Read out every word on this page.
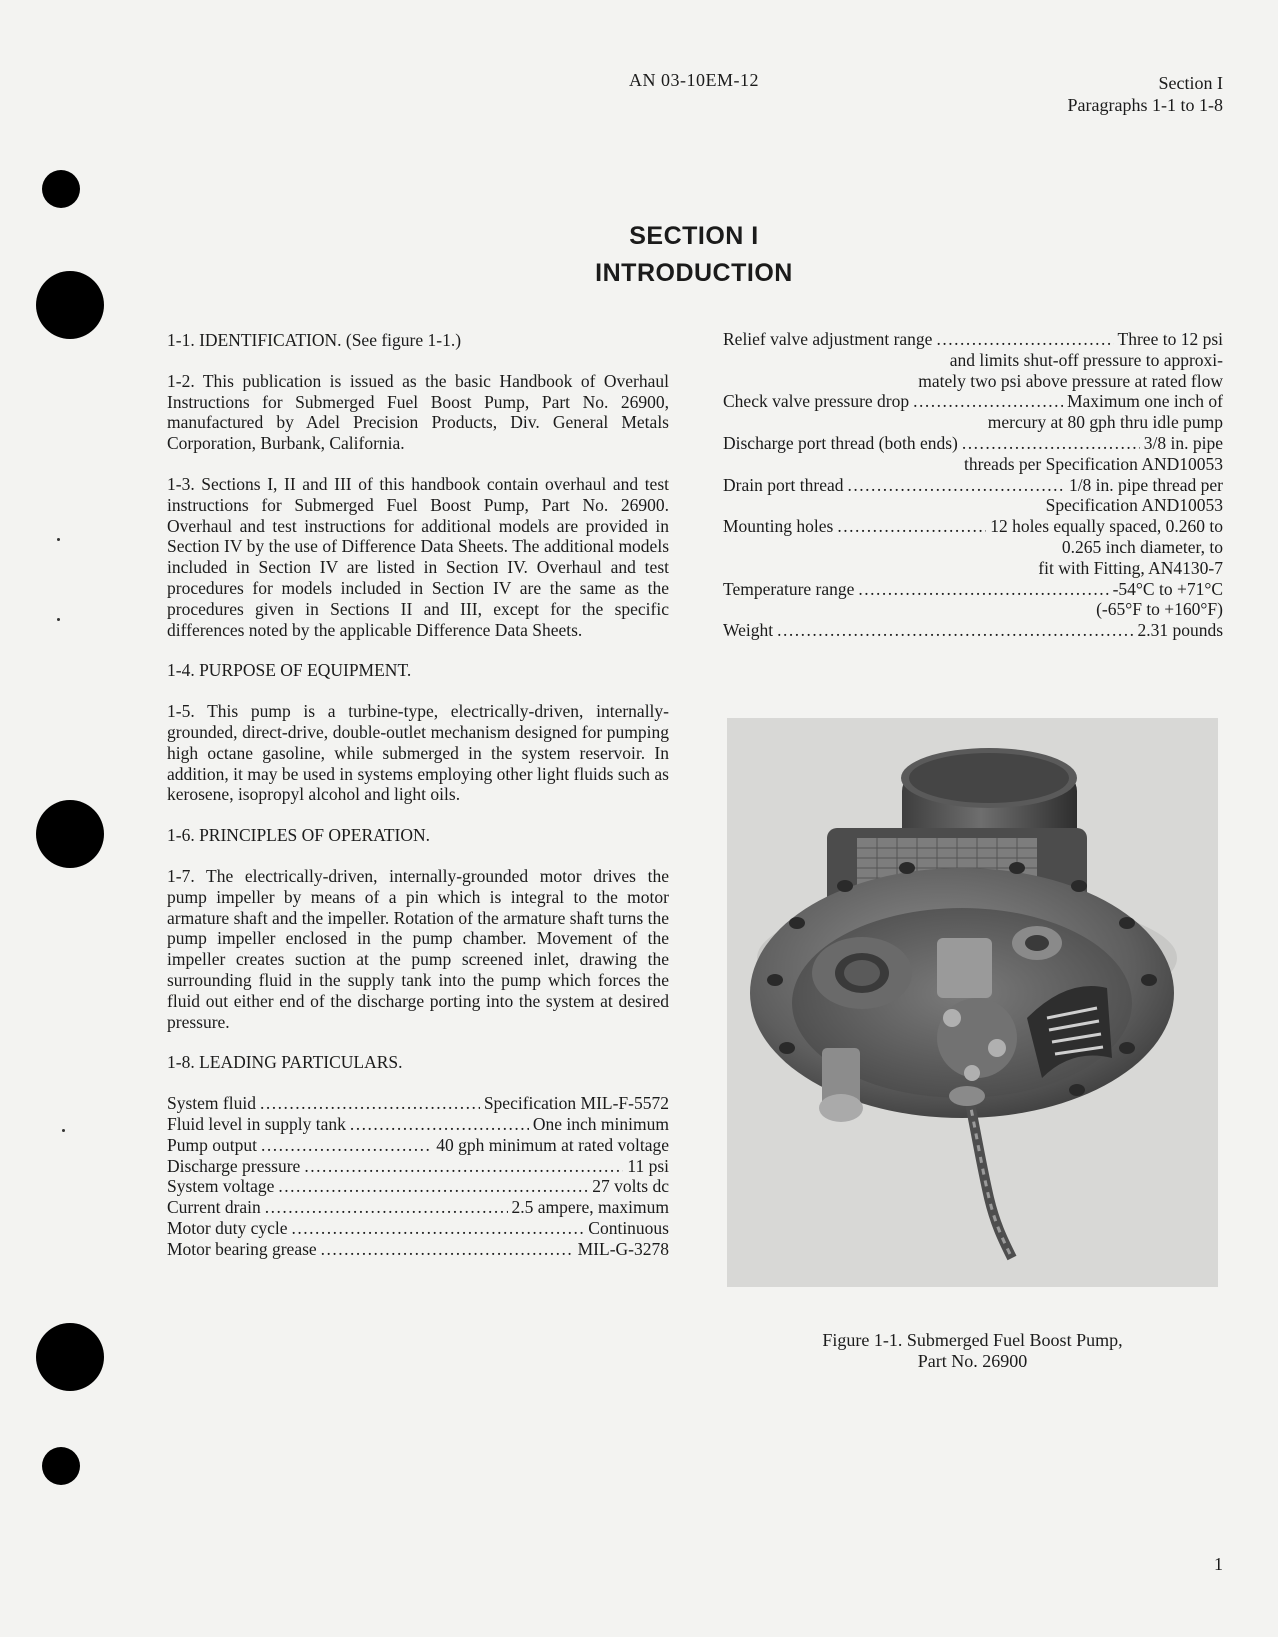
AN 03-10EM-12	Section I
Paragraphs 1-1 to 1-8
SECTION I
INTRODUCTION

1-1. IDENTIFICATION. (See figure 1-1.)

1-2. This publication is issued as the basic Handbook of Overhaul Instructions for Submerged Fuel Boost Pump, Part No. 26900, manufactured by Adel Precision Products, Div. General Metals Corporation, Burbank, California.

1-3. Sections I, II and III of this handbook contain overhaul and test instructions for Submerged Fuel Boost Pump, Part No. 26900. Overhaul and test instructions for additional models are provided in Section IV by the use of Difference Data Sheets. The additional models included in Section IV are listed in Section IV. Overhaul and test procedures for models included in Section IV are the same as the procedures given in Sections II and III, except for the specific differences noted by the applicable Difference Data Sheets.

1-4. PURPOSE OF EQUIPMENT.

1-5. This pump is a turbine-type, electrically-driven, internally-grounded, direct-drive, double-outlet mechanism designed for pumping high octane gasoline, while submerged in the system reservoir. In addition, it may be used in systems employing other light fluids such as kerosene, isopropyl alcohol and light oils.

1-6. PRINCIPLES OF OPERATION.

1-7. The electrically-driven, internally-grounded motor drives the pump impeller by means of a pin which is integral to the motor armature shaft and the impeller. Rotation of the armature shaft turns the pump impeller enclosed in the pump chamber. Movement of the impeller creates suction at the pump screened inlet, drawing the surrounding fluid in the supply tank into the pump which forces the fluid out either end of the discharge porting into the system at desired pressure.

1-8. LEADING PARTICULARS.

System fluid .....	Specification MIL-F-5572
Fluid level in supply tank .....	One inch minimum
Pump output .....	40 gph minimum at rated voltage
Discharge pressure .....	11 psi
System voltage .....	27 volts dc
Current drain .....	2.5 ampere, maximum
Motor duty cycle .....	Continuous
Motor bearing grease .....	MIL-G-3278
Relief valve adjustment range .....	Three to 12 psi
and limits shut-off pressure to approxi-
mately two psi above pressure at rated flow
Check valve pressure drop .....	Maximum one inch of
mercury at 80 gph thru idle pump
Discharge port thread (both ends) .....	3/8 in. pipe
threads per Specification AND10053
Drain port thread .....	1/8 in. pipe thread per
Specification AND10053
Mounting holes .....	12 holes equally spaced, 0.260 to
0.265 inch diameter, to
fit with Fitting, AN4130-7
Temperature range .....	-54°C to +71°C
(-65°F to +160°F)
Weight .....	2.31 pounds
Figure 1-1. Submerged Fuel Boost Pump,
Part No. 26900
1
